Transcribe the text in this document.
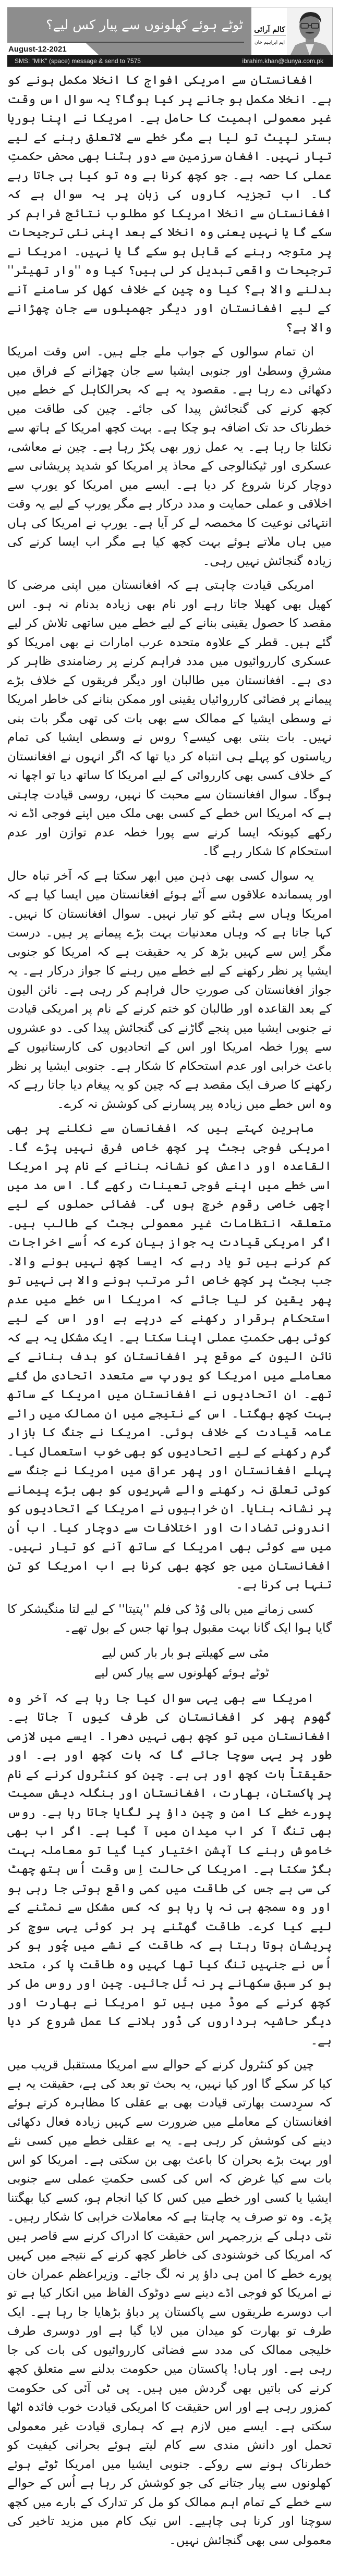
ٹوٹے ہوئے کھلونوں سے پیار کس لیے؟
August-12-2021
کالم آرائی
ایم ابراہیم خان
SMS: "MIK" (space) message & send to 7575	ibrahim.khan@dunya.com.pk

افغانستان سے امریکی افواج کا انخلا مکمل ہونے کو ہے۔ انخلا مکمل ہو جانے پر کیا ہوگا؟ یہ سوال اس وقت غیر معمولی اہمیت کا حامل ہے۔ امریکا نے اپنا بوریا بستر لپیٹ تو لیا ہے مگر خطے سے لاتعلق رہنے کے لیے تیار نہیں۔ افغان سرزمین سے دور ہٹنا بھی محض حکمتِ عملی کا حصہ ہے۔ جو کچھ کرنا ہے وہ تو کیا ہی جاتا رہے گا۔ اب تجزیہ کاروں کی زبان پر یہ سوال ہے کہ افغانستان سے انخلا امریکا کو مطلوب نتائج فراہم کر سکے گا یا نہیں یعنی وہ انخلا کے بعد اپنی نئی ترجیحات پر متوجہ رہنے کے قابل ہو سکے گا یا نہیں۔ امریکا نے ترجیحات واقعی تبدیل کر لی ہیں؟ کیا وہ ''وار تھیٹر'' بدلنے والا ہے؟ کیا وہ چین کے خلاف کھل کر سامنے آنے کے لیے افغانستان اور دیگر جھمیلوں سے جان چھڑانے والا ہے؟

ان تمام سوالوں کے جواب ملے جلے ہیں۔ اس وقت امریکا مشرقِ وسطیٰ اور جنوبی ایشیا سے جان چھڑانے کے فراق میں دکھائی دے رہا ہے۔ مقصود یہ ہے کہ بحرالکاہل کے خطے میں کچھ کرنے کی گنجائش پیدا کی جائے۔ چین کی طاقت میں خطرناک حد تک اضافہ ہو چکا ہے۔ بہت کچھ امریکا کے ہاتھ سے نکلتا جا رہا ہے۔ یہ عمل زور بھی پکڑ رہا ہے۔ چین نے معاشی، عسکری اور ٹیکنالوجی کے محاذ پر امریکا کو شدید پریشانی سے دوچار کرنا شروع کر دیا ہے۔ ایسے میں امریکا کو یورپ سے اخلاقی و عملی حمایت و مدد درکار ہے مگر یورپ کے لیے یہ وقت انتہائی نوعیت کا مخمصہ لے کر آیا ہے۔ یورپ نے امریکا کی ہاں میں ہاں ملاتے ہوئے بہت کچھ کیا ہے مگر اب ایسا کرنے کی زیادہ گنجائش نہیں رہی۔

امریکی قیادت چاہتی ہے کہ افغانستان میں اپنی مرضی کا کھیل بھی کھیلا جاتا رہے اور نام بھی زیادہ بدنام نہ ہو۔ اس مقصد کا حصول یقینی بنانے کے لیے خطے میں ساتھی تلاش کر لیے گئے ہیں۔ قطر کے علاوہ متحدہ عرب امارات نے بھی امریکا کو عسکری کارروائیوں میں مدد فراہم کرنے پر رضامندی ظاہر کر دی ہے۔ افغانستان میں طالبان اور دیگر فریقوں کے خلاف بڑے پیمانے پر فضائی کارروائیاں یقینی اور ممکن بنانے کی خاطر امریکا نے وسطی ایشیا کے ممالک سے بھی بات کی تھی مگر بات بنی نہیں۔ بات بنتی بھی کیسے؟ روس نے وسطی ایشیا کی تمام ریاستوں کو پہلے ہی انتباہ کر دیا تھا کہ اگر انہوں نے افغانستان کے خلاف کسی بھی کارروائی کے لیے امریکا کا ساتھ دیا تو اچھا نہ ہوگا۔ سوال افغانستان سے محبت کا نہیں، روسی قیادت چاہتی ہے کہ امریکا اس خطے کے کسی بھی ملک میں اپنے فوجی اڈے نہ رکھے کیونکہ ایسا کرنے سے پورا خطہ عدم توازن اور عدم استحکام کا شکار رہے گا۔

یہ سوال کسی بھی ذہن میں ابھر سکتا ہے کہ آخر تباہ حال اور پسماندہ علاقوں سے اَٹے ہوئے افغانستان میں ایسا کیا ہے کہ امریکا وہاں سے ہٹنے کو تیار نہیں۔ سوال افغانستان کا نہیں۔ کہا جاتا ہے کہ وہاں معدنیات بہت بڑے پیمانے پر ہیں۔ درست مگر اِس سے کہیں بڑھ کر یہ حقیقت ہے کہ امریکا کو جنوبی ایشیا پر نظر رکھنے کے لیے خطے میں رہنے کا جواز درکار ہے۔ یہ جواز افغانستان کی صورتِ حال فراہم کر رہی ہے۔ نائن الیون کے بعد القاعدہ اور طالبان کو ختم کرنے کے نام پر امریکی قیادت نے جنوبی ایشیا میں پنجے گاڑنے کی گنجائش پیدا کی۔ دو عشروں سے پورا خطہ امریکا اور اس کے اتحادیوں کی کارستانیوں کے باعث خرابی اور عدم استحکام کا شکار ہے۔ جنوبی ایشیا پر نظر رکھنے کا صرف ایک مقصد ہے کہ چین کو یہ پیغام دیا جاتا رہے کہ وہ اس خطے میں زیادہ پیر پسارنے کی کوشش نہ کرے۔

ماہرین کہتے ہیں کہ افغانسان سے نکلنے پر بھی امریکی فوجی بجٹ پر کچھ خاص فرق نہیں پڑے گا۔ القاعدہ اور داعش کو نشانہ بنانے کے نام پر امریکا اسی خطے میں اپنے فوجی تعینات رکھے گا۔ اس مد میں اچھی خاصی رقوم خرچ ہوں گی۔ فضائی حملوں کے لیے متعلقہ انتظامات غیر معمولی بجٹ کے طالب ہیں۔ اگر امریکی قیادت یہ جواز بیان کرے کہ اُسے اخراجات کم کرنے ہیں تو یاد رہے کہ ایسا کچھ نہیں ہونے والا۔ جب بجٹ پر کچھ خاص اثر مرتب ہونے والا ہی نہیں تو پھر یقین کر لیا جائے کہ امریکا اس خطے میں عدم استحکام برقرار رکھنے کے درپے ہے اور اس کے لیے کوئی بھی حکمتِ عملی اپنا سکتا ہے۔ ایک مشکل یہ ہے کہ نائن الیون کے موقع پر افغانستان کو ہدف بنانے کے معاملے میں امریکا کو یورپ سے متعدد اتحادی مل گئے تھے۔ ان اتحادیوں نے افغانستان میں امریکا کے ساتھ بہت کچھ بھگتا۔ اس کے نتیجے میں ان ممالک میں رائے عامہ قیادت کے خلاف ہوئی۔ امریکا نے جنگ کا بازار گرم رکھنے کے لیے اتحادیوں کو بھی خوب استعمال کیا۔ پہلے افغانستان اور پھر عراق میں امریکا نے جنگ سے کوئی تعلق نہ رکھنے والے شہریوں کو بھی بڑے پیمانے پر نشانہ بنایا۔ ان خرابیوں نے امریکا کے اتحادیوں کو اندرونی تضادات اور اختلافات سے دوچار کیا۔ اب اُن میں سے کوئی بھی امریکا کے ساتھ آنے کو تیار نہیں۔ افغانستان میں جو کچھ بھی کرنا ہے اب امریکا کو تنِ تنہا ہی کرنا ہے۔

کسی زمانے میں بالی وُڈ کی فلم ''پتیتا'' کے لیے لتا منگیشکر کا گایا ہوا ایک گانا بہت مقبول ہوا تھا جس کے بول تھے۔

مٹی سے کھیلتے ہو بار بار کس لیے
ٹوٹے ہوئے کھلونوں سے پیار کس لیے

امریکا سے بھی یہی سوال کیا جا رہا ہے کہ آخر وہ گھوم پھر کر افغانستان کی طرف کیوں آ جاتا ہے۔ افغانستان میں تو کچھ بھی نہیں دھرا۔ ایسے میں لازمی طور پر یہی سوچا جائے گا کہ بات کچھ اور ہے۔ اور حقیقتاً بات کچھ اور ہی ہے۔ چین کو کنٹرول کرنے کے نام پر پاکستان، بھارت، افغانستان اور بنگلہ دیش سمیت پورے خطے کا امن و چین داؤ پر لگایا جاتا رہا ہے۔ روس بھی تنگ آ کر اب میدان میں آ گیا ہے۔ اگر اب بھی خاموش رہنے کا آپشن اختیار کیا گیا تو معاملہ بہت بگڑ سکتا ہے۔ امریکا کی حالت اِس وقت اُس ہتھ چھٹ کی سی ہے جس کی طاقت میں کمی واقع ہوتی جا رہی ہو اور وہ سمجھ ہی نہ پا رہا ہو کہ کس مشکل سے نمٹنے کے لیے کیا کرے۔ طاقت گھٹنے پر ہر کوئی یہی سوچ کر پریشان ہوتا رہتا ہے کہ طاقت کے نشے میں چُور ہو کر اُس نے جنہیں تنگ کیا تھا کہیں وہ طاقت پا کر، متحد ہو کر سبق سکھانے پر نہ تُل جائیں۔ چین اور روس مل کر کچھ کرنے کے موڈ میں ہیں تو امریکا نے بھارت اور دیگر حاشیہ برداروں کی ڈور ہلانے کا عمل شروع کر دیا ہے۔

چین کو کنٹرول کرنے کے حوالے سے امریکا مستقبل قریب میں کیا کر سکے گا اور کیا نہیں، یہ بحث تو بعد کی ہے، حقیقت یہ ہے کہ سرِدست بھارتی قیادت بھی بے عقلی کا مظاہرہ کرتے ہوئے افغانستان کے معاملے میں ضرورت سے کہیں زیادہ فعال دکھائی دینے کی کوشش کر رہی ہے۔ یہ بے عقلی خطے میں کسی نئے اور بہت بڑے بحران کا باعث بھی بن سکتی ہے۔ امریکا کو اس بات سے کیا غرض کہ اس کی کسی حکمتِ عملی سے جنوبی ایشیا یا کسی اور خطے میں کس کا کیا انجام ہو، کسے کیا بھگتنا پڑے۔ وہ تو صرف یہ چاہتا ہے کہ معاملات خرابی کا شکار رہیں۔ نئی دہلی کے بزرجمہر اس حقیقت کا ادراک کرنے سے قاصر ہیں کہ امریکا کی خوشنودی کی خاطر کچھ کرنے کے نتیجے میں کہیں پورے خطے کا امن ہی داؤ پر نہ لگ جائے۔ وزیراعظم عمران خان نے امریکا کو فوجی اڈے دینے سے دوٹوک الفاظ میں انکار کیا ہے تو اب دوسرے طریقوں سے پاکستان پر دباؤ بڑھایا جا رہا ہے۔ ایک طرف تو بھارت کو میدان میں لایا گیا ہے اور دوسری طرف خلیجی ممالک کی مدد سے فضائی کارروائیوں کی بات کی جا رہی ہے۔ اور ہاں! پاکستان میں حکومت بدلنے سے متعلق کچھ کرنے کی باتیں بھی گردش میں ہیں۔ پی ٹی آئی کی حکومت کمزور رہی ہے اور اس حقیقت کا امریکی قیادت خوب فائدہ اٹھا سکتی ہے۔ ایسے میں لازم ہے کہ ہماری قیادت غیر معمولی تحمل اور دانش مندی سے کام لیتے ہوئے بحرانی کیفیت کو خطرناک ہونے سے روکے۔ جنوبی ایشیا میں امریکا ٹوٹے ہوئے کھلونوں سے پیار جتانے کی جو کوشش کر رہا ہے اُس کے حوالے سے خطے کے تمام اہم ممالک کو مل کر تدارک کے بارے میں کچھ سوچنا اور کرنا ہی چاہیے۔ اس نیک کام میں مزید تاخیر کی معمولی سی بھی گنجائش نہیں۔
